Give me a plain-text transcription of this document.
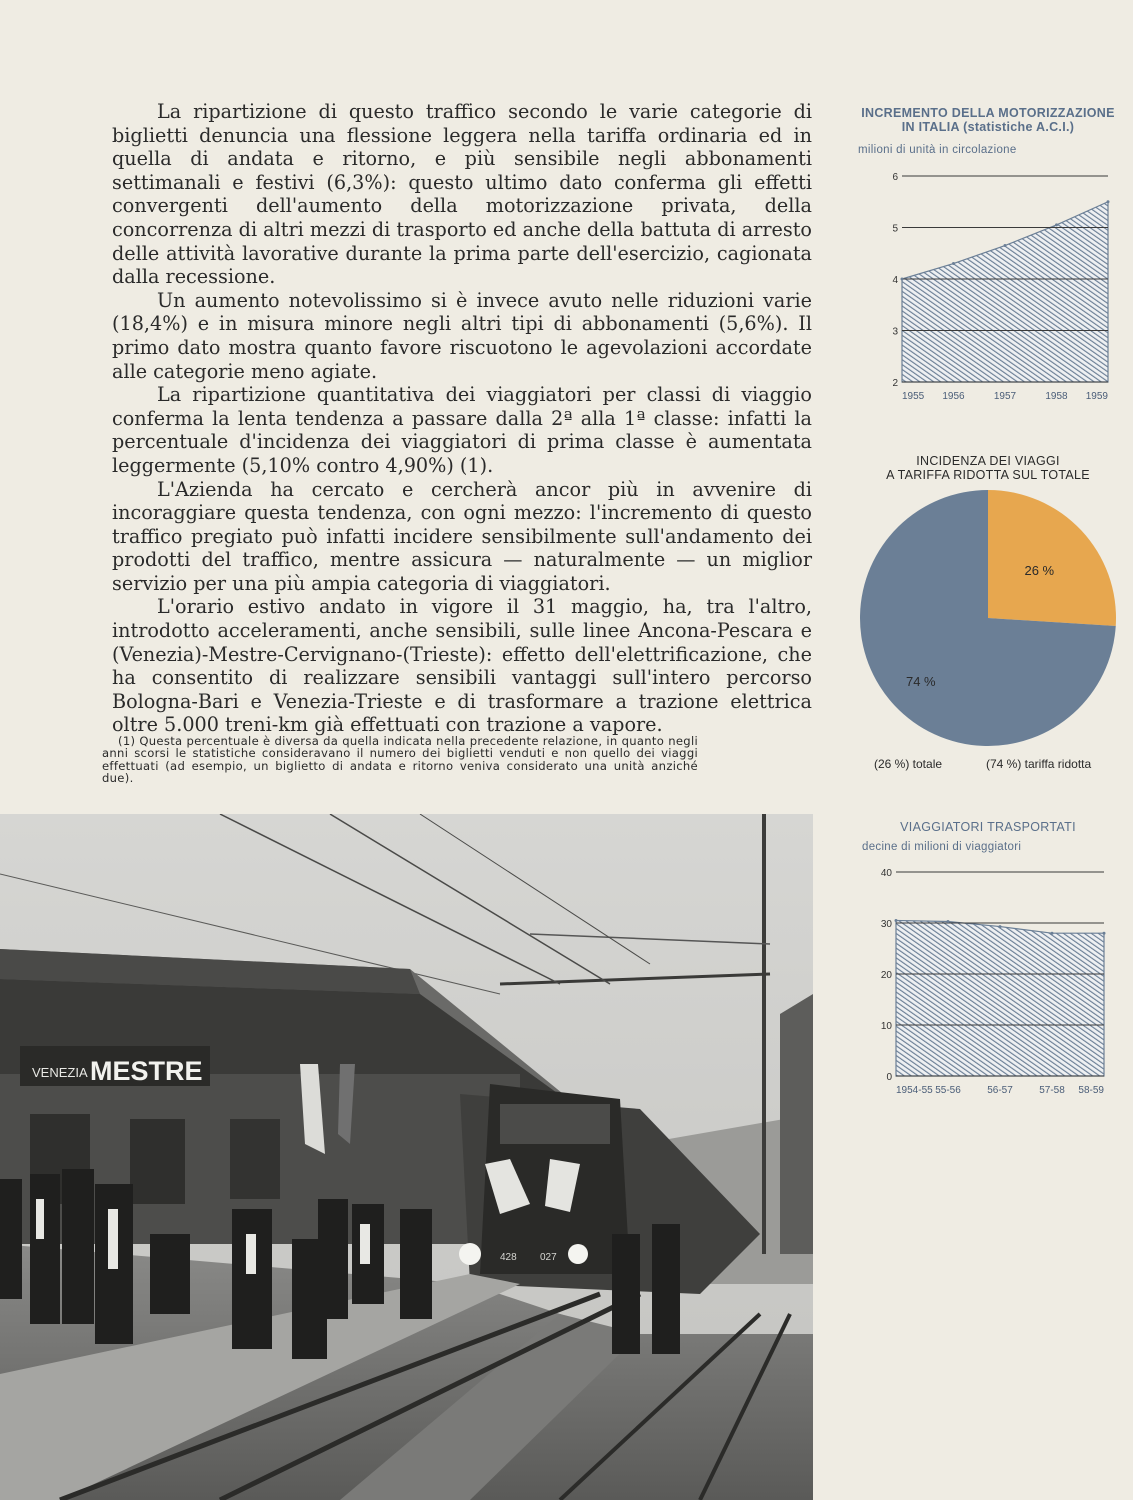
La ripartizione di questo traffico secondo le varie categorie di biglietti denuncia una flessione leggera nella tariffa ordinaria ed in quella di andata e ritorno, e più sensibile negli abbonamenti settimanali e festivi (6,3%): questo ultimo dato conferma gli effetti convergenti dell'aumento della motorizzazione privata, della concorrenza di altri mezzi di trasporto ed anche della battuta di arresto delle attività lavorative durante la prima parte dell'esercizio, cagionata dalla recessione.

Un aumento notevolissimo si è invece avuto nelle riduzioni varie (18,4%) e in misura minore negli altri tipi di abbonamenti (5,6%). Il primo dato mostra quanto favore riscuotono le agevolazioni accordate alle categorie meno agiate.

La ripartizione quantitativa dei viaggiatori per classi di viaggio conferma la lenta tendenza a passare dalla 2ª alla 1ª classe: infatti la percentuale d'incidenza dei viaggiatori di prima classe è aumentata leggermente (5,10% contro 4,90%) (1).

L'Azienda ha cercato e cercherà ancor più in avvenire di incoraggiare questa tendenza, con ogni mezzo: l'incremento di questo traffico pregiato può infatti incidere sensibilmente sull'andamento dei prodotti del traffico, mentre assicura — naturalmente — un miglior servizio per una più ampia categoria di viaggiatori.

L'orario estivo andato in vigore il 31 maggio, ha, tra l'altro, introdotto acceleramenti, anche sensibili, sulle linee Ancona-Pescara e (Venezia)-Mestre-Cervignano-(Trieste): effetto dell'elettrificazione, che ha consentito di realizzare sensibili vantaggi sull'intero percorso Bologna-Bari e Venezia-Trieste e di trasformare a trazione elettrica oltre 5.000 treni-km già effettuati con trazione a vapore.

(1) Questa percentuale è diversa da quella indicata nella precedente relazione, in quanto negli anni scorsi le statistiche consideravano il numero dei biglietti venduti e non quello dei viaggi effettuati (ad esempio, un biglietto di andata e ritorno veniva considerato una unità anziché due).

INCREMENTO DELLA MOTORIZZAZIONE
IN ITALIA (statistiche A.C.I.)
milioni di unità in circolazione
2
3
4
5
6
1955 1956	1957	1958 1959
INCIDENZA DEI VIAGGI
A TARIFFA RIDOTTA SUL TOTALE
26 %
74 %
(26 %) totale	(74 %) tariffa ridotta
VIAGGIATORI TRASPORTATI
decine di milioni di viaggiatori
0
10
20
30
40
1954-55 55-56	56-57	57-58 58-59
VENEZIA MESTRE
428 027
